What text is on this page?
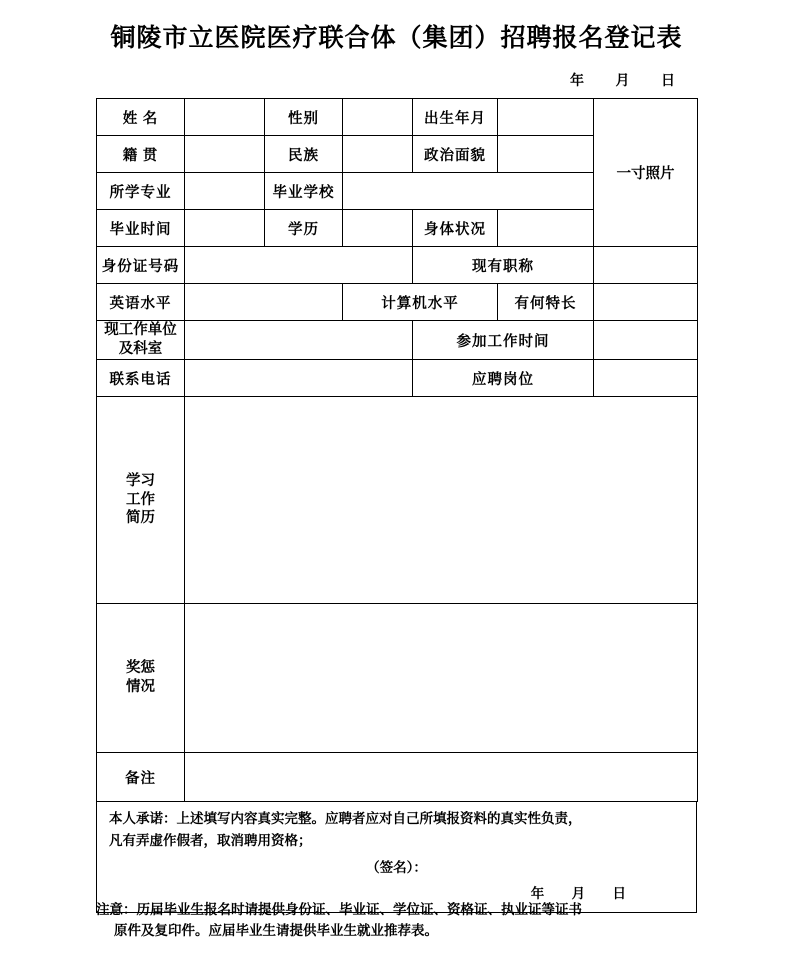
铜陵市立医院医疗联合体（集团）招聘报名登记表
年 月 日
姓 名		性别		出生年月		一寸照片
籍 贯		民族		政治面貌		
所学专业		毕业学校				
毕业时间		学历		身体状况		
身份证号码				现有职称		
英语水平			计算机水平		有何特长	

现工作单位
及科室				参加工作时间		
联系电话				应聘岗位		

学习
工作
简历						

奖惩
情况						

备注						

本人承诺：上述填写内容真实完整。应聘者应对自己所填报资料的真实性负责，

凡有弄虚作假者，取消聘用资格；

（签名）：
年 月 日
注意：历届毕业生报名时请提供身份证、毕业证、学位证、资格证、执业证等证书
原件及复印件。应届毕业生请提供毕业生就业推荐表。
